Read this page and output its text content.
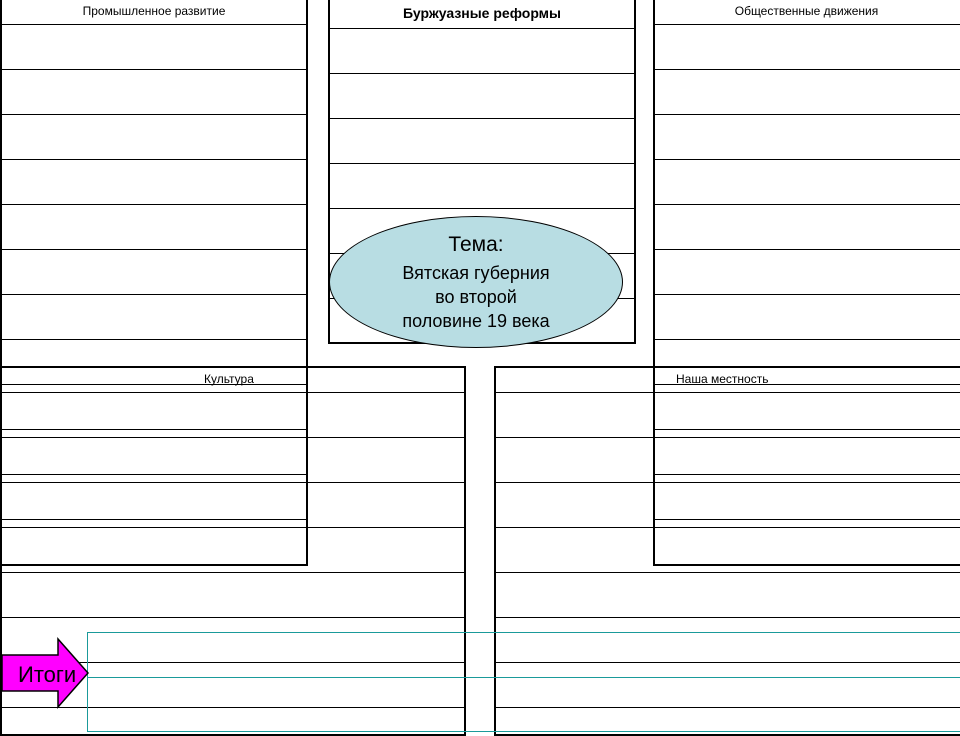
Промышленное развитие	Общественные движения
Буржуазные реформы
Культура	Наша местность
Тема:
Вятская губерния
во второй
половине 19 века
Итоги
